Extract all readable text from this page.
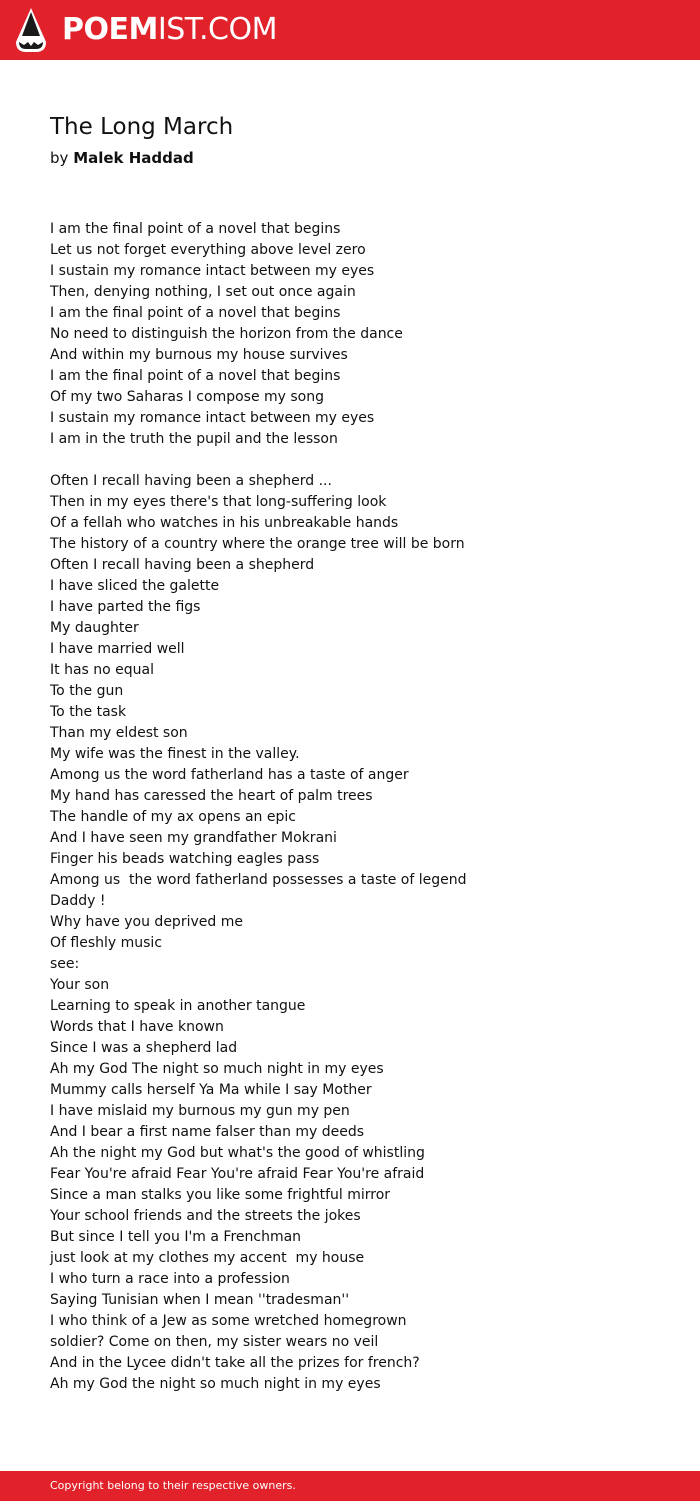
POEMIST.COM
The Long March
by Malek Haddad
I am the final point of a novel that begins
Let us not forget everything above level zero
I sustain my romance intact between my eyes
Then, denying nothing, I set out once again
I am the final point of a novel that begins
No need to distinguish the horizon from the dance
And within my burnous my house survives
I am the final point of a novel that begins
Of my two Saharas I compose my song
I sustain my romance intact between my eyes
I am in the truth the pupil and the lesson
Often I recall having been a shepherd ...
Then in my eyes there's that long-suffering look
Of a fellah who watches in his unbreakable hands
The history of a country where the orange tree will be born
Often I recall having been a shepherd
I have sliced the galette
I have parted the figs
My daughter
I have married well
It has no equal
To the gun
To the task
Than my eldest son
My wife was the finest in the valley.
Among us the word fatherland has a taste of anger
My hand has caressed the heart of palm trees
The handle of my ax opens an epic
And I have seen my grandfather Mokrani
Finger his beads watching eagles pass
Among us  the word fatherland possesses a taste of legend
Daddy !
Why have you deprived me
Of fleshly music
see:
Your son
Learning to speak in another tangue
Words that I have known
Since I was a shepherd lad
Ah my God The night so much night in my eyes
Mummy calls herself Ya Ma while I say Mother
I have mislaid my burnous my gun my pen
And I bear a first name falser than my deeds
Ah the night my God but what's the good of whistling
Fear You're afraid Fear You're afraid Fear You're afraid
Since a man stalks you like some frightful mirror
Your school friends and the streets the jokes
But since I tell you I'm a Frenchman
just look at my clothes my accent  my house
I who turn a race into a profession
Saying Tunisian when I mean ''tradesman''
I who think of a Jew as some wretched homegrown
soldier? Come on then, my sister wears no veil
And in the Lycee didn't take all the prizes for french?
Ah my God the night so much night in my eyes
Copyright belong to their respective owners.
